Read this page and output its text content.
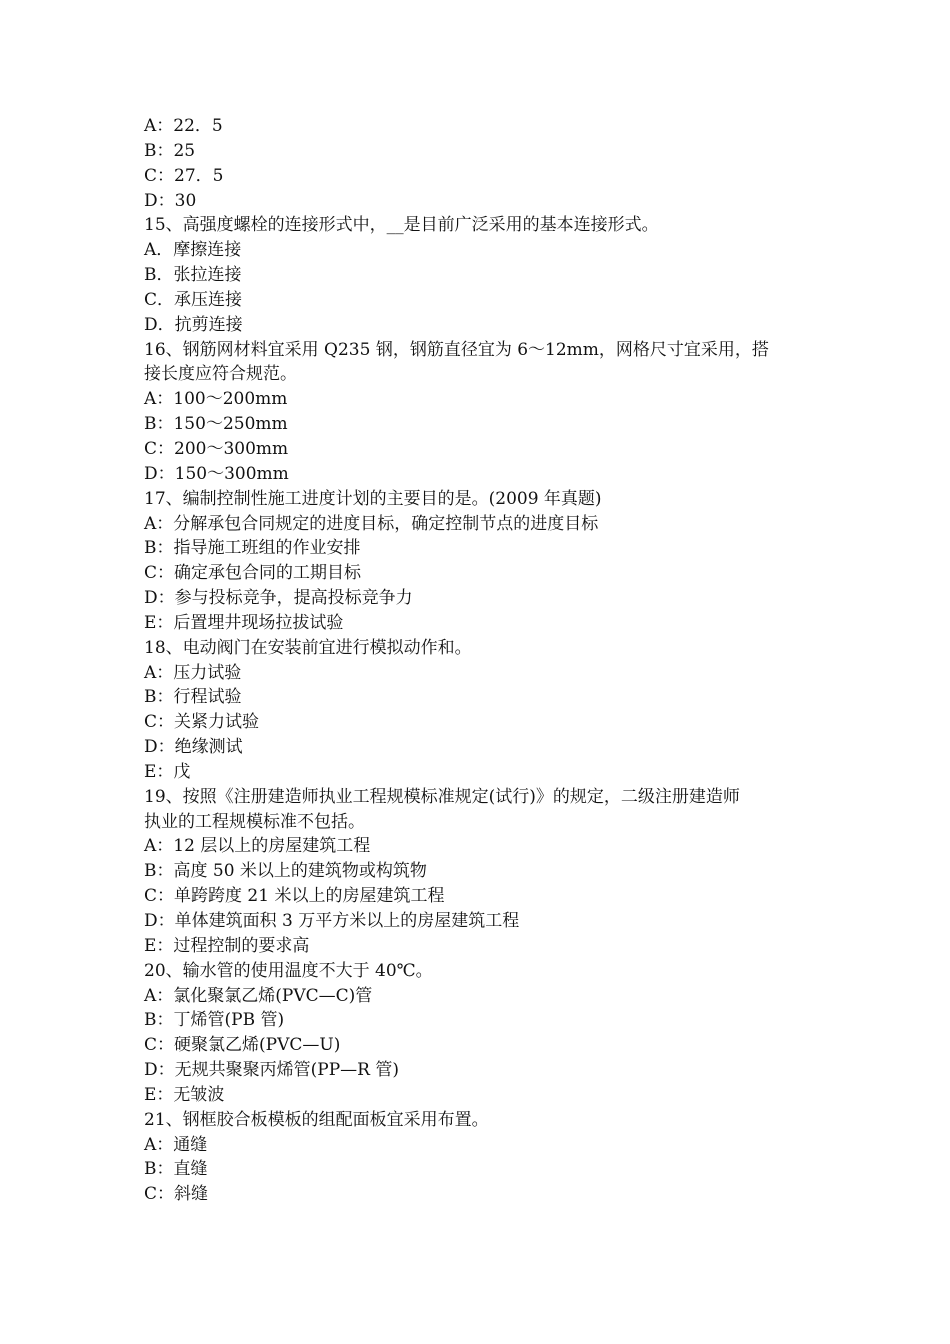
A：22．5
B：25
C：27．5
D：30
15、高强度螺栓的连接形式中，__是目前广泛采用的基本连接形式。
A．摩擦连接
B．张拉连接
C．承压连接
D．抗剪连接
16、钢筋网材料宜采用 Q235 钢，钢筋直径宜为 6～12mm，网格尺寸宜采用，搭
接长度应符合规范。
A：100～200mm
B：150～250mm
C：200～300mm
D：150～300mm
17、编制控制性施工进度计划的主要目的是。(2009 年真题)
A：分解承包合同规定的进度目标，确定控制节点的进度目标
B：指导施工班组的作业安排
C：确定承包合同的工期目标
D：参与投标竞争，提高投标竞争力
E：后置埋井现场拉拔试验
18、电动阀门在安装前宜进行模拟动作和。
A：压力试验
B：行程试验
C：关紧力试验
D：绝缘测试
E：戊
19、按照《注册建造师执业工程规模标准规定(试行)》的规定，二级注册建造师
执业的工程规模标准不包括。
A：12 层以上的房屋建筑工程
B：高度 50 米以上的建筑物或构筑物
C：单跨跨度 21 米以上的房屋建筑工程
D：单体建筑面积 3 万平方米以上的房屋建筑工程
E：过程控制的要求高
20、输水管的使用温度不大于 40℃。
A：氯化聚氯乙烯(PVC—C)管
B：丁烯管(PB 管)
C：硬聚氯乙烯(PVC—U)
D：无规共聚聚丙烯管(PP—R 管)
E：无皱波
21、钢框胶合板模板的组配面板宜采用布置。
A：通缝
B：直缝
C：斜缝
